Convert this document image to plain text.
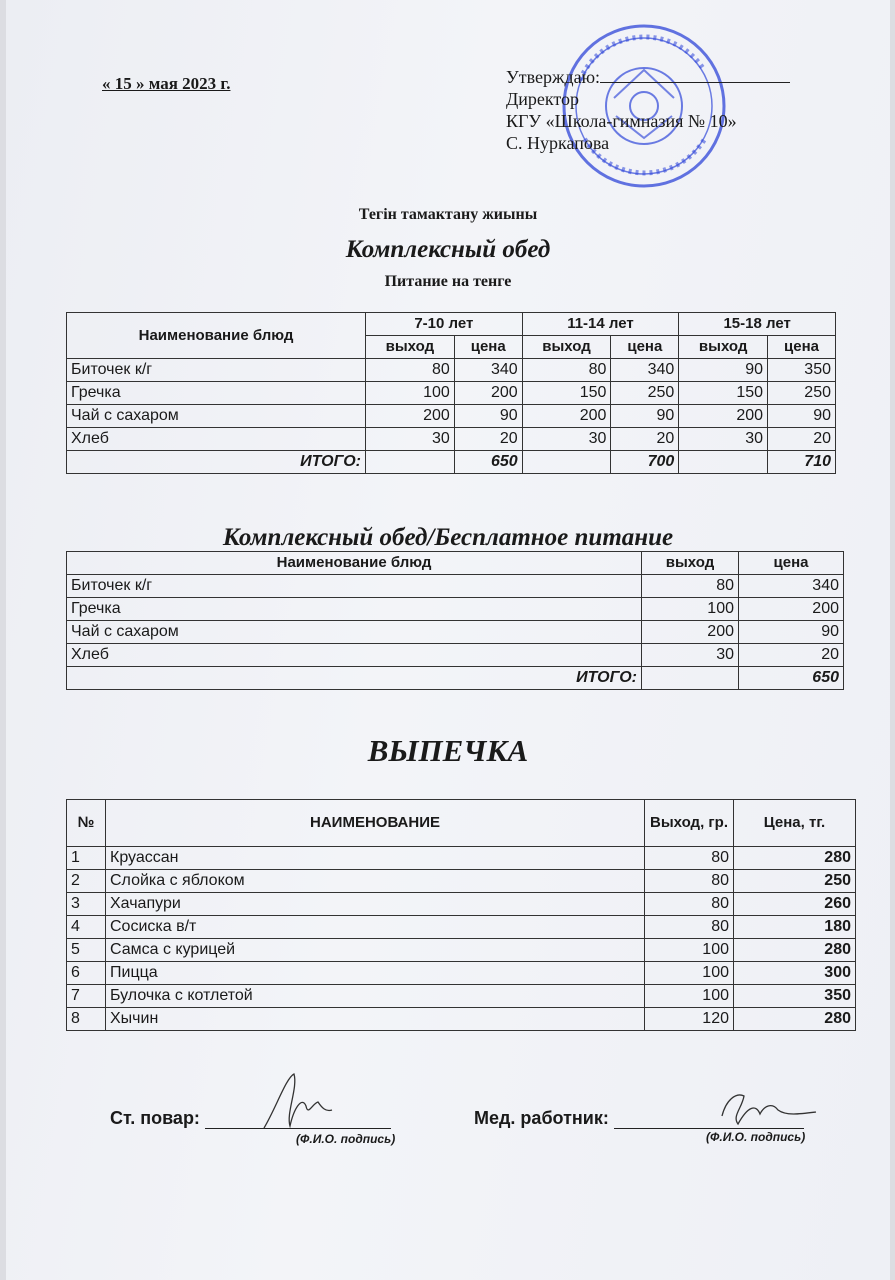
« 15 » мая 2023 г.	Утверждаю:
Директор
КГУ «Школа-гимназия № 10»
С. Нуркапова
Тегін тамактану жиыны
Комплексный обед
Питание на тенге
Наименование блюд	7-10 лет		11-14 лет		15-18 лет	
	выход	цена	выход	цена	выход	цена
Биточек к/г	80	340	80	340	90	350
Гречка	100	200	150	250	150	250
Чай с сахаром	200	90	200	90	200	90
Хлеб	30	20	30	20	30	20
ИТОГО:		650		700		710
Комплексный обед/Бесплатное питание
Наименование блюд	выход	цена
Биточек к/г	80	340
Гречка	100	200
Чай с сахаром	200	90
Хлеб	30	20
ИТОГО:		650
ВЫПЕЧКА
№	НАИМЕНОВАНИЕ	Выход, гр.	Цена, тг.
1	Круассан	80	280
2	Слойка с яблоком	80	250
3	Хачапури	80	260
4	Сосиска в/т	80	180
5	Самса с курицей	100	280
6	Пицца	100	300
7	Булочка с котлетой	100	350
8	Хычин	120	280
Ст. повар:
(Ф.И.О. подпись)
Мед. работник:
(Ф.И.О. подпись)
